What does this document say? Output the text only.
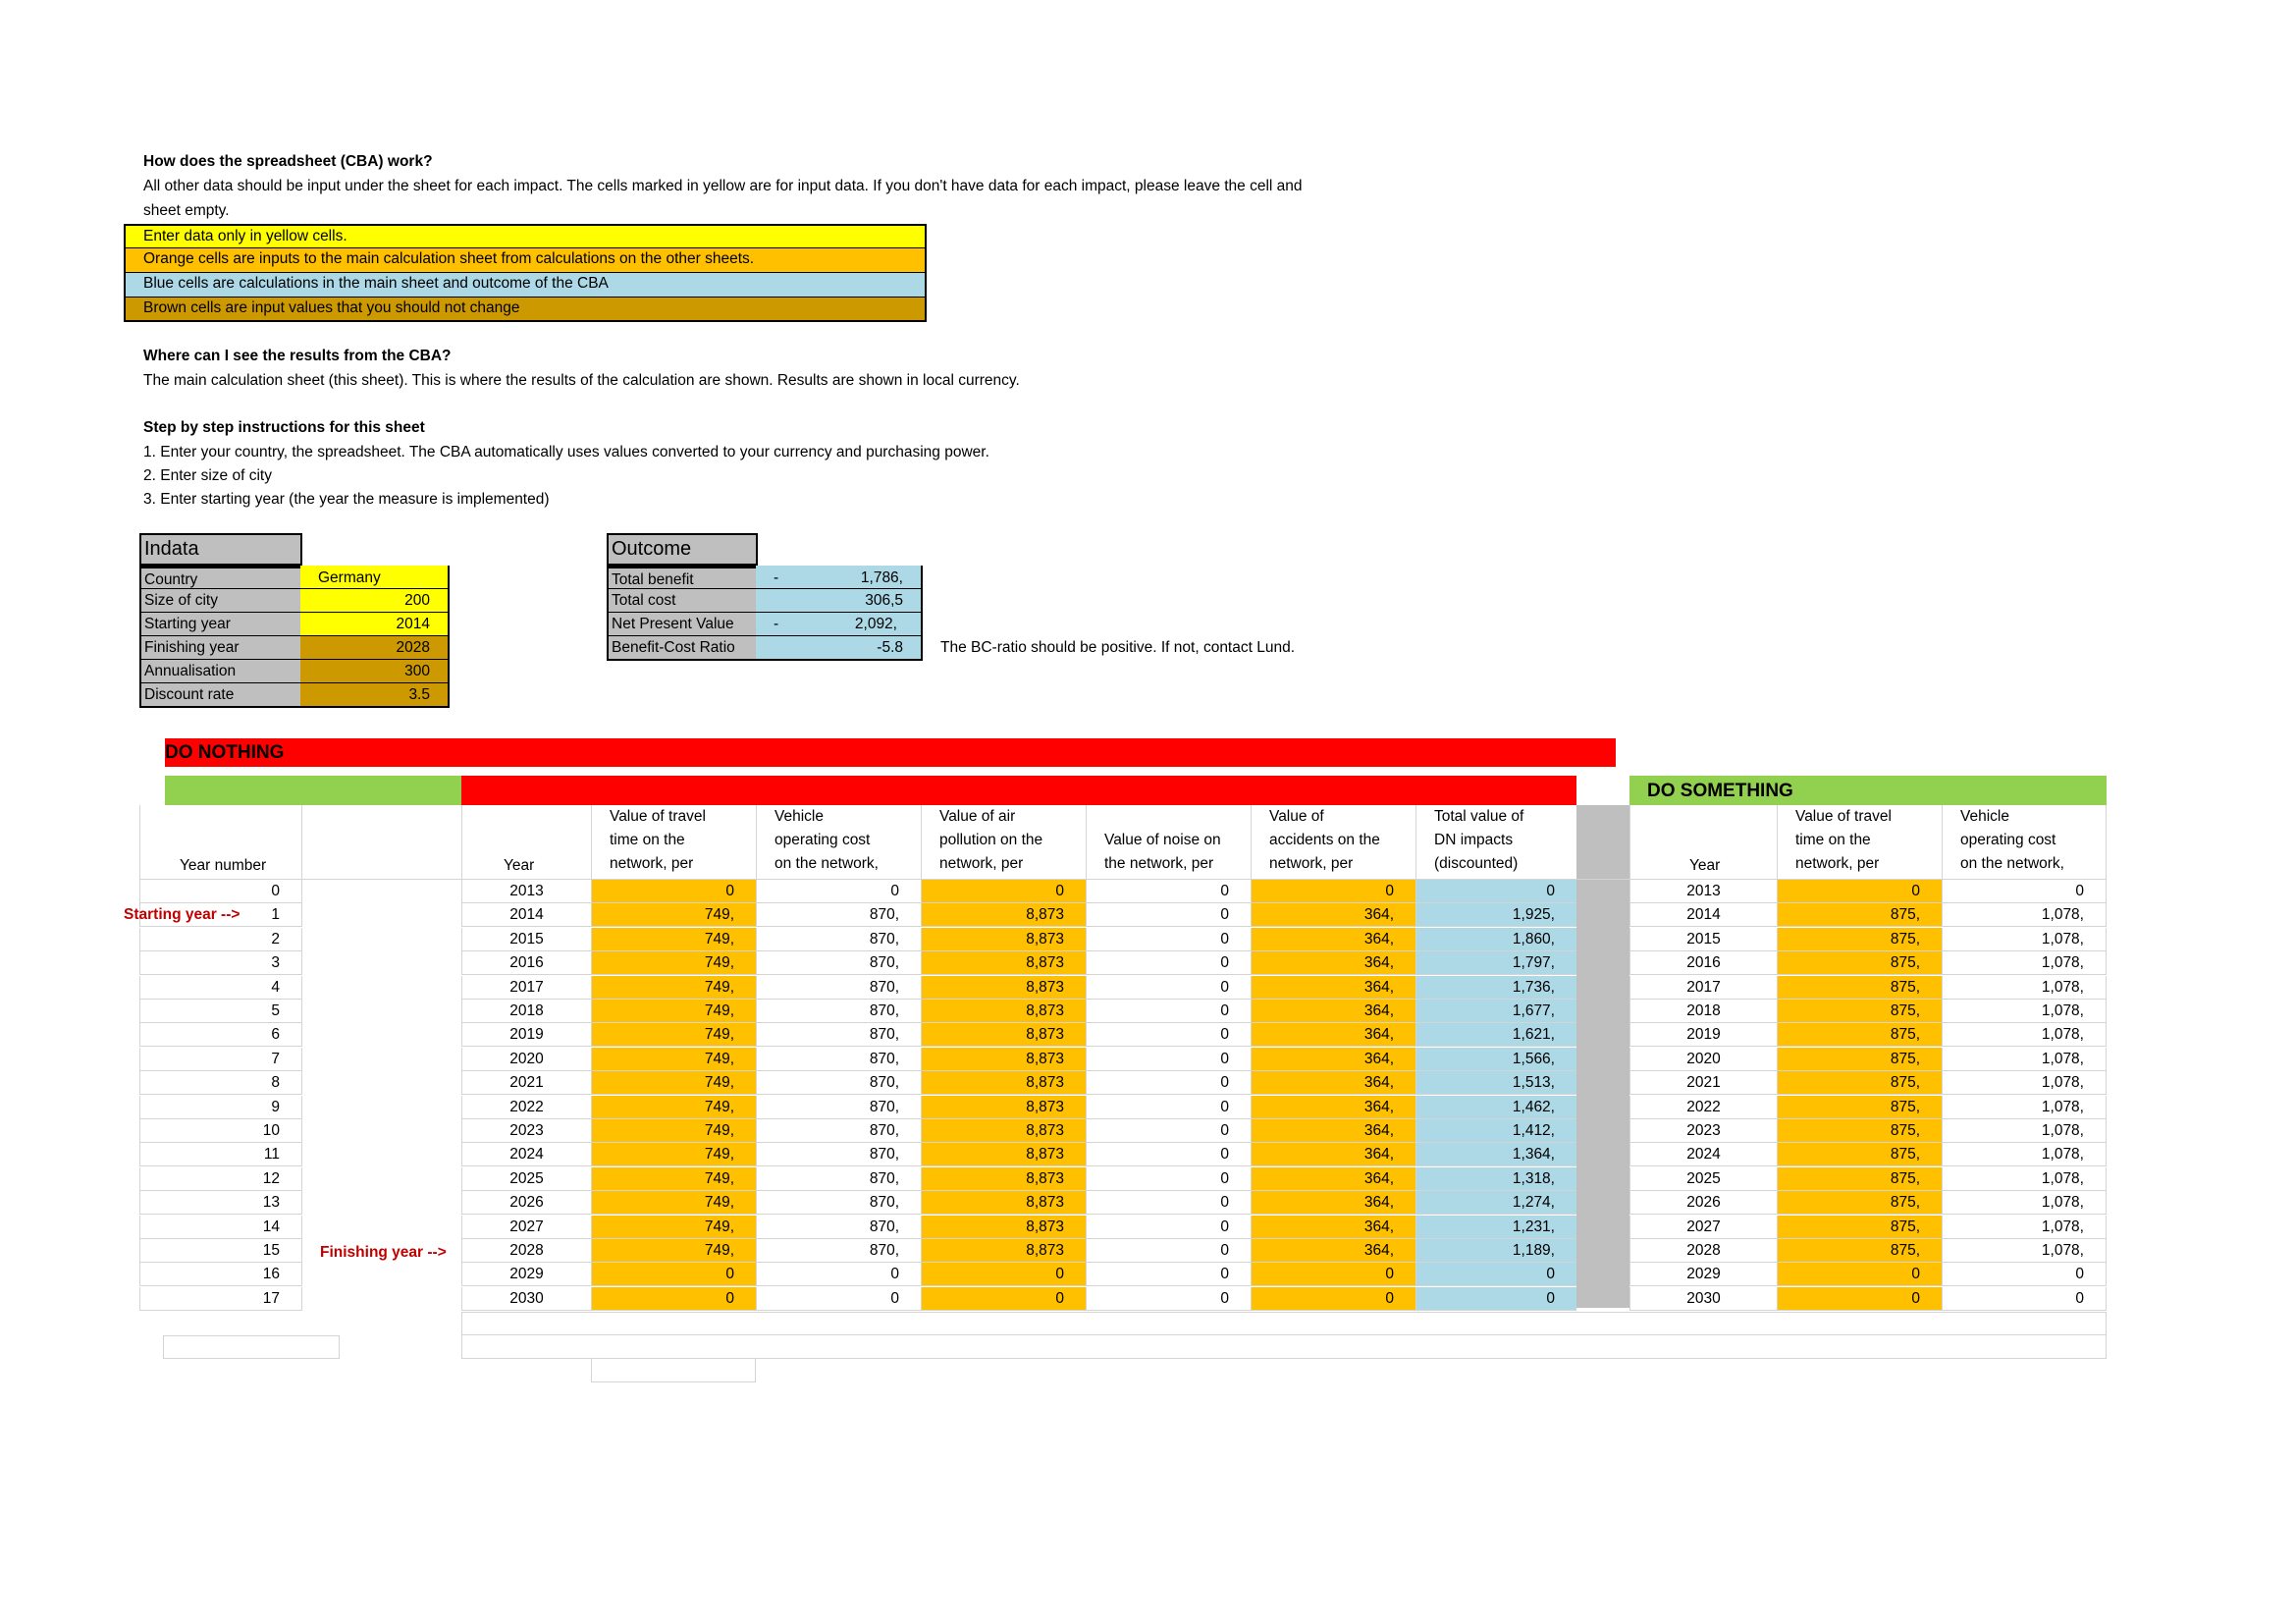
How does the spreadsheet (CBA) work?
All other data should be input under the sheet for each impact. The cells marked in yellow are for input data. If you don't have data for each impact, please leave the cell and
sheet empty.
Enter data only in yellow cells.
Orange cells are inputs to the main calculation sheet from calculations on the other sheets.
Blue cells are calculations in the main sheet and outcome of the CBA
Brown cells are input values that you should not change
Where can I see the results from the CBA?
The main calculation sheet (this sheet). This is where the results of the calculation are shown. Results are shown in local currency.
Step by step instructions for this sheet
1. Enter your country, the spreadsheet. The CBA automatically uses values converted to your currency and purchasing power.
2. Enter size of city
3. Enter starting year (the year the measure is implemented)
Indata
Country	Germany
Size of city	200
Starting year	2014
Finishing year	2028
Annualisation	300
Discount rate	3.5
Outcome
Total benefit	-	1,786,
Total cost	306,5
Net Present Value	-	2,092,
Benefit-Cost Ratio	-5.8 The BC-ratio should be positive. If not, contact Lund.
DO NOTHING
DO SOMETHING
Year number	Year
Value of travel
time on the
network, per
Vehicle
operating cost
on the network,
Value of air
pollution on the
network, per
Value of noise on
the network, per
Value of
accidents on the
network, per
Total value of
DN impacts
(discounted)	Year
Value of travel
time on the
network, per
Vehicle
operating cost
on the network,
0	2013	0	0	0	0	0	0	2013	0	0
1	2014	749,	870,	8,873	0	364,	1,925,	2014	875,	1,078,
2	2015	749,	870,	8,873	0	364,	1,860,	2015	875,	1,078,
3	2016	749,	870,	8,873	0	364,	1,797,	2016	875,	1,078,
4	2017	749,	870,	8,873	0	364,	1,736,	2017	875,	1,078,
5	2018	749,	870,	8,873	0	364,	1,677,	2018	875,	1,078,
6	2019	749,	870,	8,873	0	364,	1,621,	2019	875,	1,078,
7	2020	749,	870,	8,873	0	364,	1,566,	2020	875,	1,078,
8	2021	749,	870,	8,873	0	364,	1,513,	2021	875,	1,078,
9	2022	749,	870,	8,873	0	364,	1,462,	2022	875,	1,078,
10	2023	749,	870,	8,873	0	364,	1,412,	2023	875,	1,078,
11	2024	749,	870,	8,873	0	364,	1,364,	2024	875,	1,078,
12	2025	749,	870,	8,873	0	364,	1,318,	2025	875,	1,078,
13	2026	749,	870,	8,873	0	364,	1,274,	2026	875,	1,078,
14	2027	749,	870,	8,873	0	364,	1,231,	2027	875,	1,078,
15	2028	749,	870,	8,873	0	364,	1,189,	2028	875,	1,078,
16	2029	0	0	0	0	0	0	2029	0	0
17	2030	0	0	0	0	0	0	2030	0	0
Starting year -->
Finishing year -->
